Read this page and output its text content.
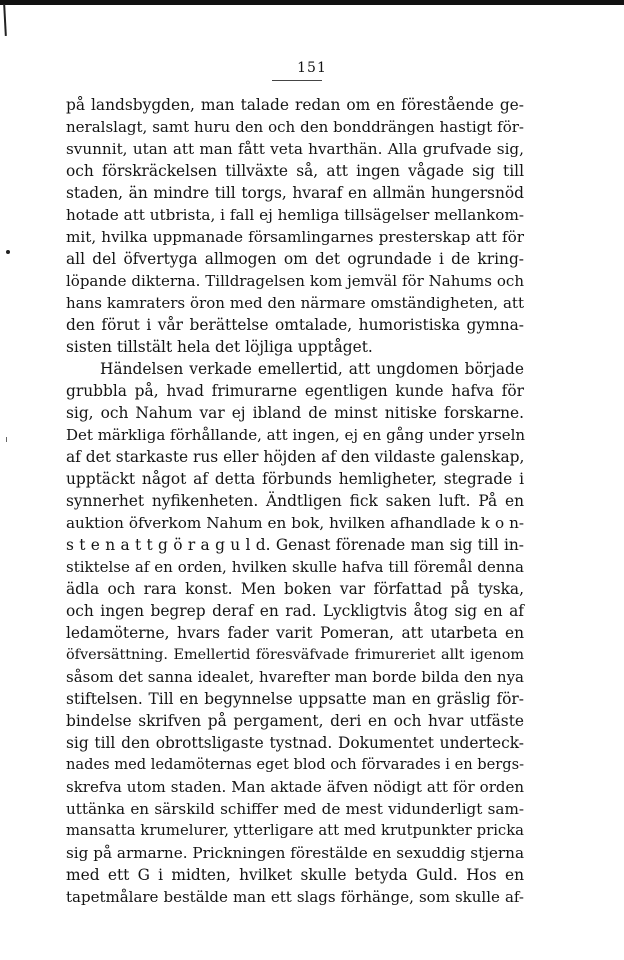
151
på landsbygden, man talade redan om en förestående ge-
neralslagt, samt huru den och den bonddrängen hastigt för-
svunnit, utan att man fått veta hvarthän. Alla grufvade sig,
och förskräckelsen tillväxte så, att ingen vågade sig till
staden, än mindre till torgs, hvaraf en allmän hungersnöd
hotade att utbrista, i fall ej hemliga tillsägelser mellankom-
mit, hvilka uppmanade församlingarnes presterskap att för
all del öfvertyga allmogen om det ogrundade i de kring-
löpande dikterna. Tilldragelsen kom jemväl för Nahums och
hans kamraters öron med den närmare omständigheten, att
den förut i vår berättelse omtalade, humoristiska gymna-
sisten tillstält hela det löjliga upptåget.
Händelsen verkade emellertid, att ungdomen började
grubbla på, hvad frimurarne egentligen kunde hafva för
sig, och Nahum var ej ibland de minst nitiske forskarne.
Det märkliga förhållande, att ingen, ej en gång under yrseln
af det starkaste rus eller höjden af den vildaste galenskap,
upptäckt något af detta förbunds hemligheter, stegrade i
synnerhet nyfikenheten. Ändtligen fick saken luft. På en
auktion öfverkom Nahum en bok, hvilken afhandlade k o n-
s t e n a t t g ö r a g u l d. Genast förenade man sig till in-
stiktelse af en orden, hvilken skulle hafva till föremål denna
ädla och rara konst. Men boken var författad på tyska,
och ingen begrep deraf en rad. Lyckligtvis åtog sig en af
ledamöterne, hvars fader varit Pomeran, att utarbeta en
öfversättning. Emellertid föresväfvade frimureriet allt igenom
såsom det sanna idealet, hvarefter man borde bilda den nya
stiftelsen. Till en begynnelse uppsatte man en gräslig för-
bindelse skrifven på pergament, deri en och hvar utfäste
sig till den obrottsligaste tystnad. Dokumentet underteck-
nades med ledamöternas eget blod och förvarades i en bergs-
skrefva utom staden. Man aktade äfven nödigt att för orden
uttänka en särskild schiffer med de mest vidunderligt sam-
mansatta krumelurer, ytterligare att med krutpunkter pricka
sig på armarne. Prickningen förestälde en sexuddig stjerna
med ett G i midten, hvilket skulle betyda Guld. Hos en
tapetmålare bestälde man ett slags förhänge, som skulle af-
